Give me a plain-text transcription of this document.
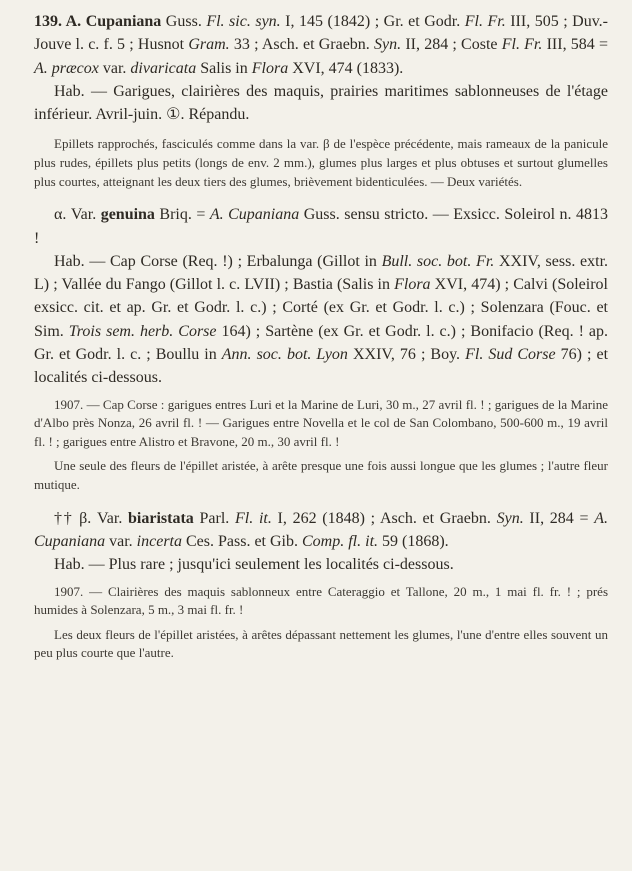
139. A. Cupaniana Guss. Fl. sic. syn. I, 145 (1842) ; Gr. et Godr. Fl. Fr. III, 505 ; Duv.-Jouve l. c. f. 5 ; Husnot Gram. 33 ; Asch. et Graebn. Syn. II, 284 ; Coste Fl. Fr. III, 584 = A. præcox var. divaricata Salis in Flora XVI, 474 (1833).

Hab. — Garigues, clairières des maquis, prairies maritimes sablonneuses de l'étage inférieur. Avril-juin. ①. Répandu.

Epillets rapprochés, fasciculés comme dans la var. β de l'espèce précédente, mais rameaux de la panicule plus rudes, épillets plus petits (longs de env. 2 mm.), glumes plus larges et plus obtuses et surtout glumelles plus courtes, atteignant les deux tiers des glumes, brièvement bidenticulées. — Deux variétés.

α. Var. genuina Briq. = A. Cupaniana Guss. sensu stricto. — Exsicc. Soleirol n. 4813 !

Hab. — Cap Corse (Req. !) ; Erbalunga (Gillot in Bull. soc. bot. Fr. XXIV, sess. extr. L) ; Vallée du Fango (Gillot l. c. LVII) ; Bastia (Salis in Flora XVI, 474) ; Calvi (Soleirol exsicc. cit. et ap. Gr. et Godr. l. c.) ; Corté (ex Gr. et Godr. l. c.) ; Solenzara (Fouc. et Sim. Trois sem. herb. Corse 164) ; Sartène (ex Gr. et Godr. l. c.) ; Bonifacio (Req. ! ap. Gr. et Godr. l. c. ; Boullu in Ann. soc. bot. Lyon XXIV, 76 ; Boy. Fl. Sud Corse 76) ; et localités ci-dessous.

1907. — Cap Corse : garigues entres Luri et la Marine de Luri, 30 m., 27 avril fl. ! ; garigues de la Marine d'Albo près Nonza, 26 avril fl. ! — Garigues entre Novella et le col de San Colombano, 500-600 m., 19 avril fl. ! ; garigues entre Alistro et Bravone, 20 m., 30 avril fl. !

Une seule des fleurs de l'épillet aristée, à arête presque une fois aussi longue que les glumes ; l'autre fleur mutique.

†† β. Var. biaristata Parl. Fl. it. I, 262 (1848) ; Asch. et Graebn. Syn. II, 284 = A. Cupaniana var. incerta Ces. Pass. et Gib. Comp. fl. it. 59 (1868).

Hab. — Plus rare ; jusqu'ici seulement les localités ci-dessous.

1907. — Clairières des maquis sablonneux entre Cateraggio et Tallone, 20 m., 1 mai fl. fr. ! ; prés humides à Solenzara, 5 m., 3 mai fl. fr. !

Les deux fleurs de l'épillet aristées, à arêtes dépassant nettement les glumes, l'une d'entre elles souvent un peu plus courte que l'autre.
